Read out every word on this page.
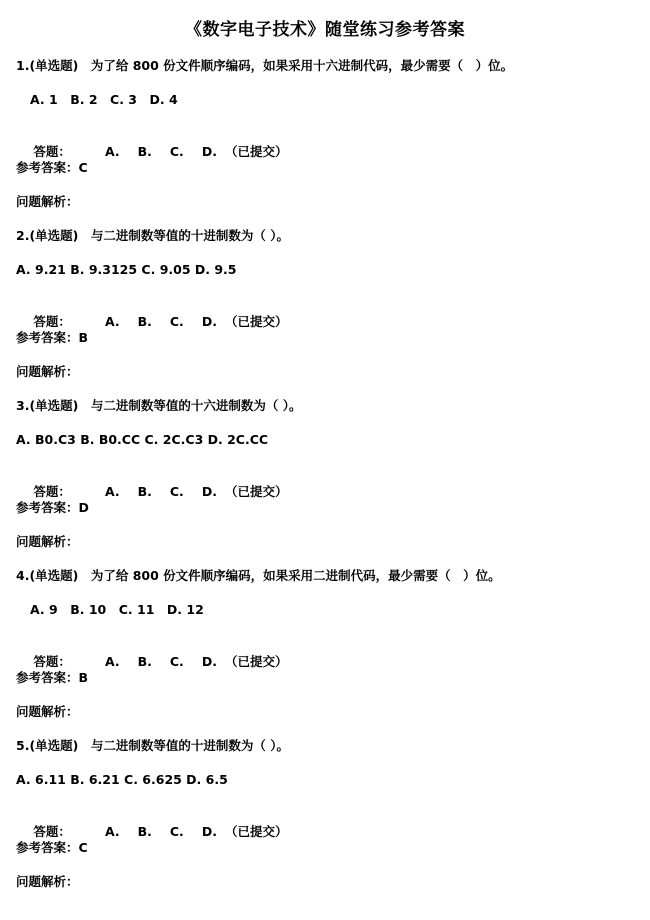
《数字电子技术》随堂练习参考答案
1.(单选题)　为了给 800 份文件顺序编码，如果采用十六进制代码，最少需要（　）位。
A. 1　B. 2　C. 3　D. 4

答题：	A. B. C. D. （已提交）

参考答案：C
问题解析：
2.(单选题)　与二进制数等值的十进制数为（ ）。
A. 9.21 B. 9.3125 C. 9.05 D. 9.5

答题：	A. B. C. D. （已提交）

参考答案：B
问题解析：
3.(单选题)　与二进制数等值的十六进制数为（ ）。
A. B0.C3 B. B0.CC C. 2C.C3 D. 2C.CC

答题：	A. B. C. D. （已提交）

参考答案：D
问题解析：
4.(单选题)　为了给 800 份文件顺序编码，如果采用二进制代码，最少需要（　）位。
A. 9　B. 10　C. 11　D. 12

答题：	A. B. C. D. （已提交）

参考答案：B
问题解析：
5.(单选题)　与二进制数等值的十进制数为（ ）。
A. 6.11 B. 6.21 C. 6.625 D. 6.5

答题：	A. B. C. D. （已提交）

参考答案：C
问题解析：
